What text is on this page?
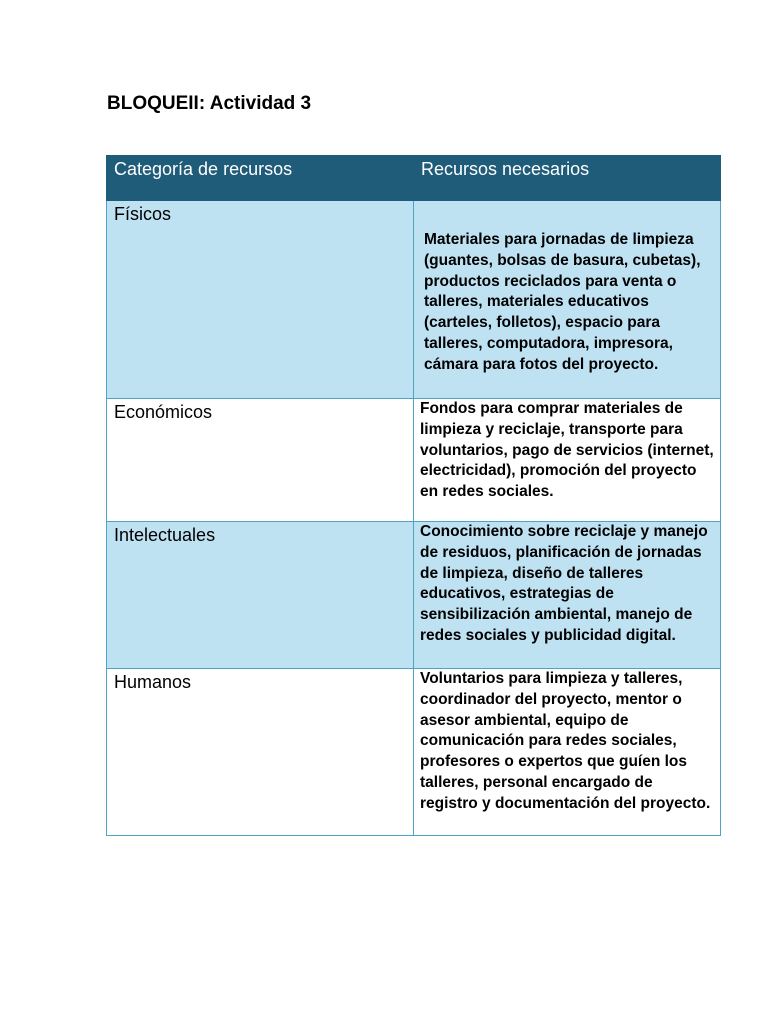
BLOQUEII: Actividad 3
Categoría de recursos	Recursos necesarios

Físicos	Materiales para jornadas de limpieza (guantes, bolsas de basura, cubetas), productos reciclados para venta o talleres, materiales educativos (carteles, folletos), espacio para talleres, computadora, impresora, cámara para fotos del proyecto.

Económicos	Fondos para comprar materiales de limpieza y reciclaje, transporte para voluntarios, pago de servicios (internet, electricidad), promoción del proyecto en redes sociales.

Intelectuales	Conocimiento sobre reciclaje y manejo de residuos, planificación de jornadas de limpieza, diseño de talleres educativos, estrategias de sensibilización ambiental, manejo de redes sociales y publicidad digital.

Humanos	Voluntarios para limpieza y talleres, coordinador del proyecto, mentor o asesor ambiental, equipo de comunicación para redes sociales, profesores o expertos que guíen los talleres, personal encargado de registro y documentación del proyecto.
